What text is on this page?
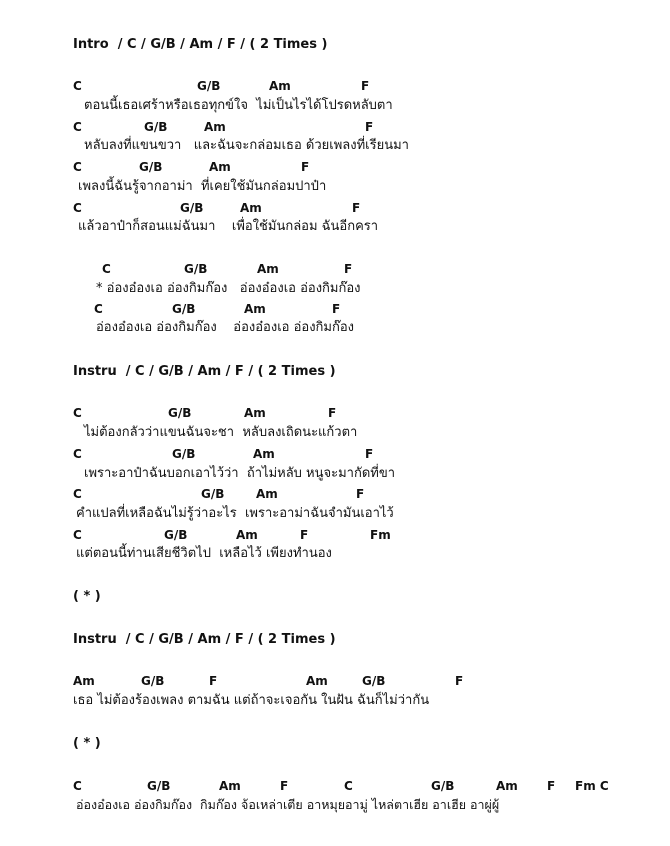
Intro  / C / G/B / Am / F / ( 2 Times )
C	G/B	Am	F
ตอนนี้เธอเศร้าหรือเธอทุกข์ใจ  ไม่เป็นไรได้โปรดหลับตา
C	G/B	Am	F
หลับลงที่แขนขวา   และฉันจะกล่อมเธอ ด้วยเพลงที่เรียนมา
C	G/B	Am	F
เพลงนี้ฉันรู้จากอาม่า  ที่เคยใช้มันกล่อมปาป๋า
C	G/B	Am	F
แล้วอาป๋าก็สอนแม่ฉันมา    เพื่อใช้มันกล่อม ฉันอีกครา
C	G/B	Am	F
* อ่องอ๋องเอ อ่องกิมก๊อง   อ่องอ๋องเอ อ่องกิมก๊อง
C	G/B	Am	F
อ่องอ๋องเอ อ่องกิมก๊อง    อ่องอ๋องเอ อ่องกิมก๊อง
Instru  / C / G/B / Am / F / ( 2 Times )
C	G/B	Am	F
ไม่ต้องกลัวว่าแขนฉันจะชา  หลับลงเถิดนะแก้วตา
C	G/B	Am	F
เพราะอาป๋าฉันบอกเอาไว้ว่า  ถ้าไม่หลับ หนูจะมากัดที่ขา
C	G/B	Am	F
คำแปลที่เหลือฉันไม่รู้ว่าอะไร  เพราะอาม่าฉันจำมันเอาไว้
C	G/B	Am	F	Fm
แต่ตอนนี้ท่านเสียชีวิตไป  เหลือไว้ เพียงทำนอง
( * )
Instru  / C / G/B / Am / F / ( 2 Times )
Am	G/B	F	Am	G/B	F
เธอ ไม่ต้องร้องเพลง ตามฉัน แต่ถ้าจะเจอกัน ในฝัน ฉันก็ไม่ว่ากัน
( * )
C	G/B	Am	F	C	G/B	Am F Fm C
อ่องอ๋องเอ อ่องกิมก๊อง  กิมก๊อง จ้อเหล่าเตีย อาหมุยอามู่ ไหล่ตาเฮีย อาเฮีย อาผู่ผู้
